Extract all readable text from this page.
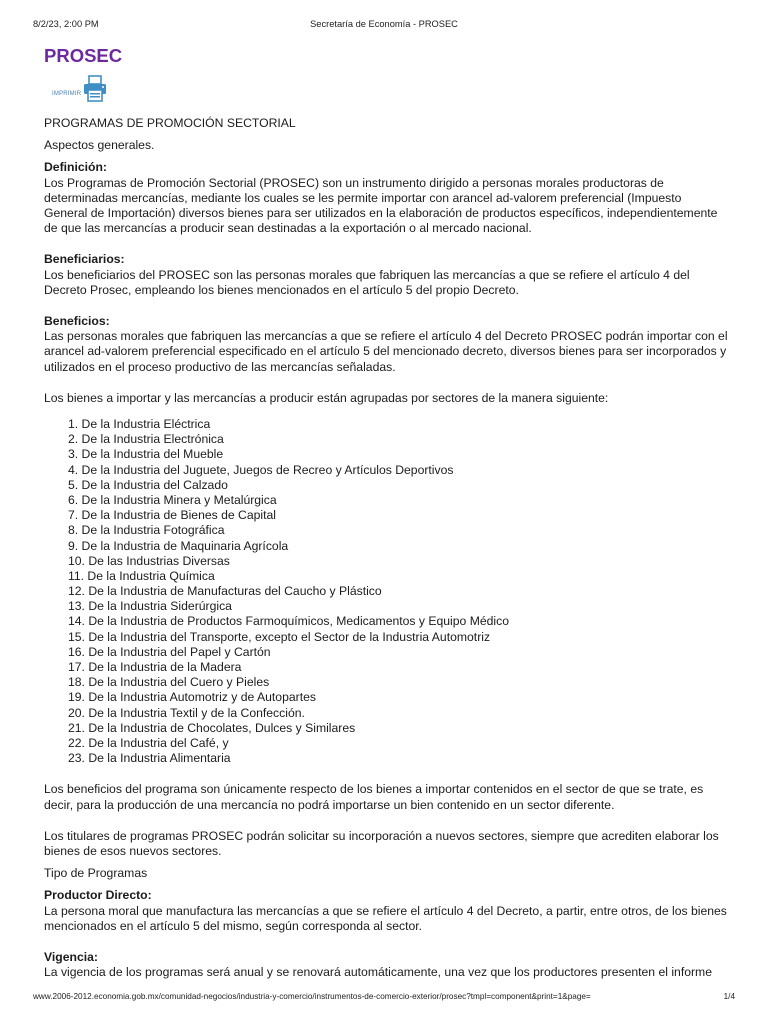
8/2/23, 2:00 PM	Secretaría de Economía - PROSEC
PROSEC
IMPRIMIR

PROGRAMAS DE PROMOCIÓN SECTORIAL

Aspectos generales.

Definición:

Los Programas de Promoción Sectorial (PROSEC) son un instrumento dirigido a personas morales productoras de determinadas mercancías, mediante los cuales se les permite importar con arancel ad-valorem preferencial (Impuesto General de Importación) diversos bienes para ser utilizados en la elaboración de productos específicos, independientemente de que las mercancías a producir sean destinadas a la exportación o al mercado nacional.

Beneficiarios:

Los beneficiarios del PROSEC son las personas morales que fabriquen las mercancías a que se refiere el artículo 4 del Decreto Prosec, empleando los bienes mencionados en el artículo 5 del propio Decreto.

Beneficios:

Las personas morales que fabriquen las mercancías a que se refiere el artículo 4 del Decreto PROSEC podrán importar con el arancel ad-valorem preferencial especificado en el artículo 5 del mencionado decreto, diversos bienes para ser incorporados y utilizados en el proceso productivo de las mercancías señaladas.

Los bienes a importar y las mercancías a producir están agrupadas por sectores de la manera siguiente:

1. De la Industria Eléctrica
2. De la Industria Electrónica
3. De la Industria del Mueble
4. De la Industria del Juguete, Juegos de Recreo y Artículos Deportivos
5. De la Industria del Calzado
6. De la Industria Minera y Metalúrgica
7. De la Industria de Bienes de Capital
8. De la Industria Fotográfica
9. De la Industria de Maquinaria Agrícola
10. De las Industrias Diversas
11. De la Industria Química
12. De la Industria de Manufacturas del Caucho y Plástico
13. De la Industria Siderúrgica
14. De la Industria de Productos Farmoquímicos, Medicamentos y Equipo Médico
15. De la Industria del Transporte, excepto el Sector de la Industria Automotriz
16. De la Industria del Papel y Cartón
17. De la Industria de la Madera
18. De la Industria del Cuero y Pieles
19. De la Industria Automotriz y de Autopartes
20. De la Industria Textil y de la Confección.
21. De la Industria de Chocolates, Dulces y Similares
22. De la Industria del Café, y
23. De la Industria Alimentaria

Los beneficios del programa son únicamente respecto de los bienes a importar contenidos en el sector de que se trate, es decir, para la producción de una mercancía no podrá importarse un bien contenido en un sector diferente.

Los titulares de programas PROSEC podrán solicitar su incorporación a nuevos sectores, siempre que acrediten elaborar los bienes de esos nuevos sectores.

Tipo de Programas

Productor Directo:

La persona moral que manufactura las mercancías a que se refiere el artículo 4 del Decreto, a partir, entre otros, de los bienes mencionados en el artículo 5 del mismo, según corresponda al sector.

Vigencia:

La vigencia de los programas será anual y se renovará automáticamente, una vez que los productores presenten el informe

www.2006-2012.economia.gob.mx/comunidad-negocios/industria-y-comercio/instrumentos-de-comercio-exterior/prosec?tmpl=component&print=1&page=	1/4
